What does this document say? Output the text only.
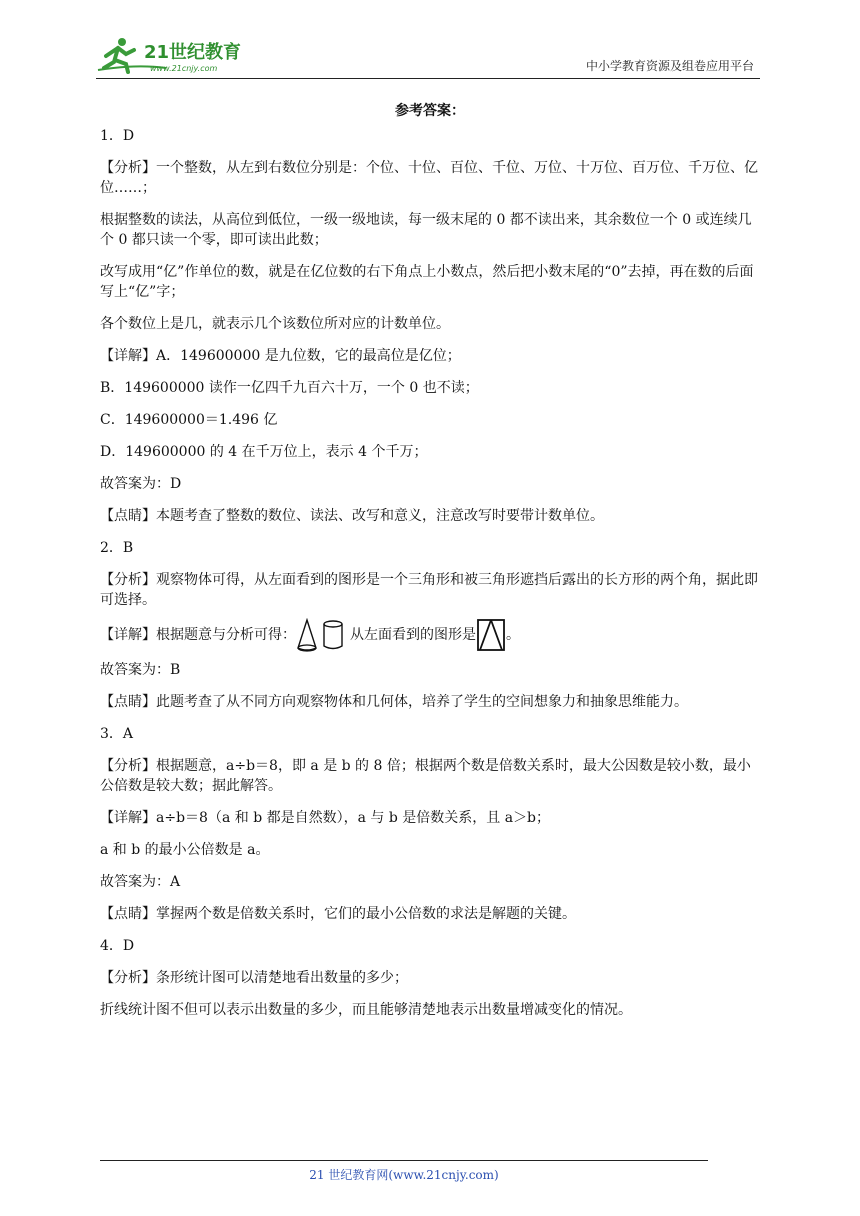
21世纪教育
www.21cnjy.com	中小学教育资源及组卷应用平台
参考答案：

1．D

【分析】一个整数，从左到右数位分别是：个位、十位、百位、千位、万位、十万位、百万位、千万位、亿位……；

根据整数的读法，从高位到低位，一级一级地读，每一级末尾的 0 都不读出来，其余数位一个 0 或连续几个 0 都只读一个零，即可读出此数；

改写成用“亿”作单位的数，就是在亿位数的右下角点上小数点，然后把小数末尾的“0”去掉，再在数的后面写上“亿”字；

各个数位上是几，就表示几个该数位所对应的计数单位。

【详解】A．149600000 是九位数，它的最高位是亿位；

B．149600000 读作一亿四千九百六十万，一个 0 也不读；

C．149600000＝1.496 亿

D．149600000 的 4 在千万位上，表示 4 个千万；

故答案为：D

【点睛】本题考查了整数的数位、读法、改写和意义，注意改写时要带计数单位。

2．B

【分析】观察物体可得，从左面看到的图形是一个三角形和被三角形遮挡后露出的长方形的两个角，据此即可选择。

【详解】根据题意与分析可得：	从左面看到的图形是 。

故答案为：B

【点睛】此题考查了从不同方向观察物体和几何体，培养了学生的空间想象力和抽象思维能力。

3．A

【分析】根据题意，a÷b＝8，即 a 是 b 的 8 倍；根据两个数是倍数关系时，最大公因数是较小数，最小公倍数是较大数；据此解答。

【详解】a÷b＝8（a 和 b 都是自然数），a 与 b 是倍数关系，且 a＞b；

a 和 b 的最小公倍数是 a。

故答案为：A

【点睛】掌握两个数是倍数关系时，它们的最小公倍数的求法是解题的关键。

4．D

【分析】条形统计图可以清楚地看出数量的多少；

折线统计图不但可以表示出数量的多少，而且能够清楚地表示出数量增减变化的情况。

21 世纪教育网(www.21cnjy.com)
